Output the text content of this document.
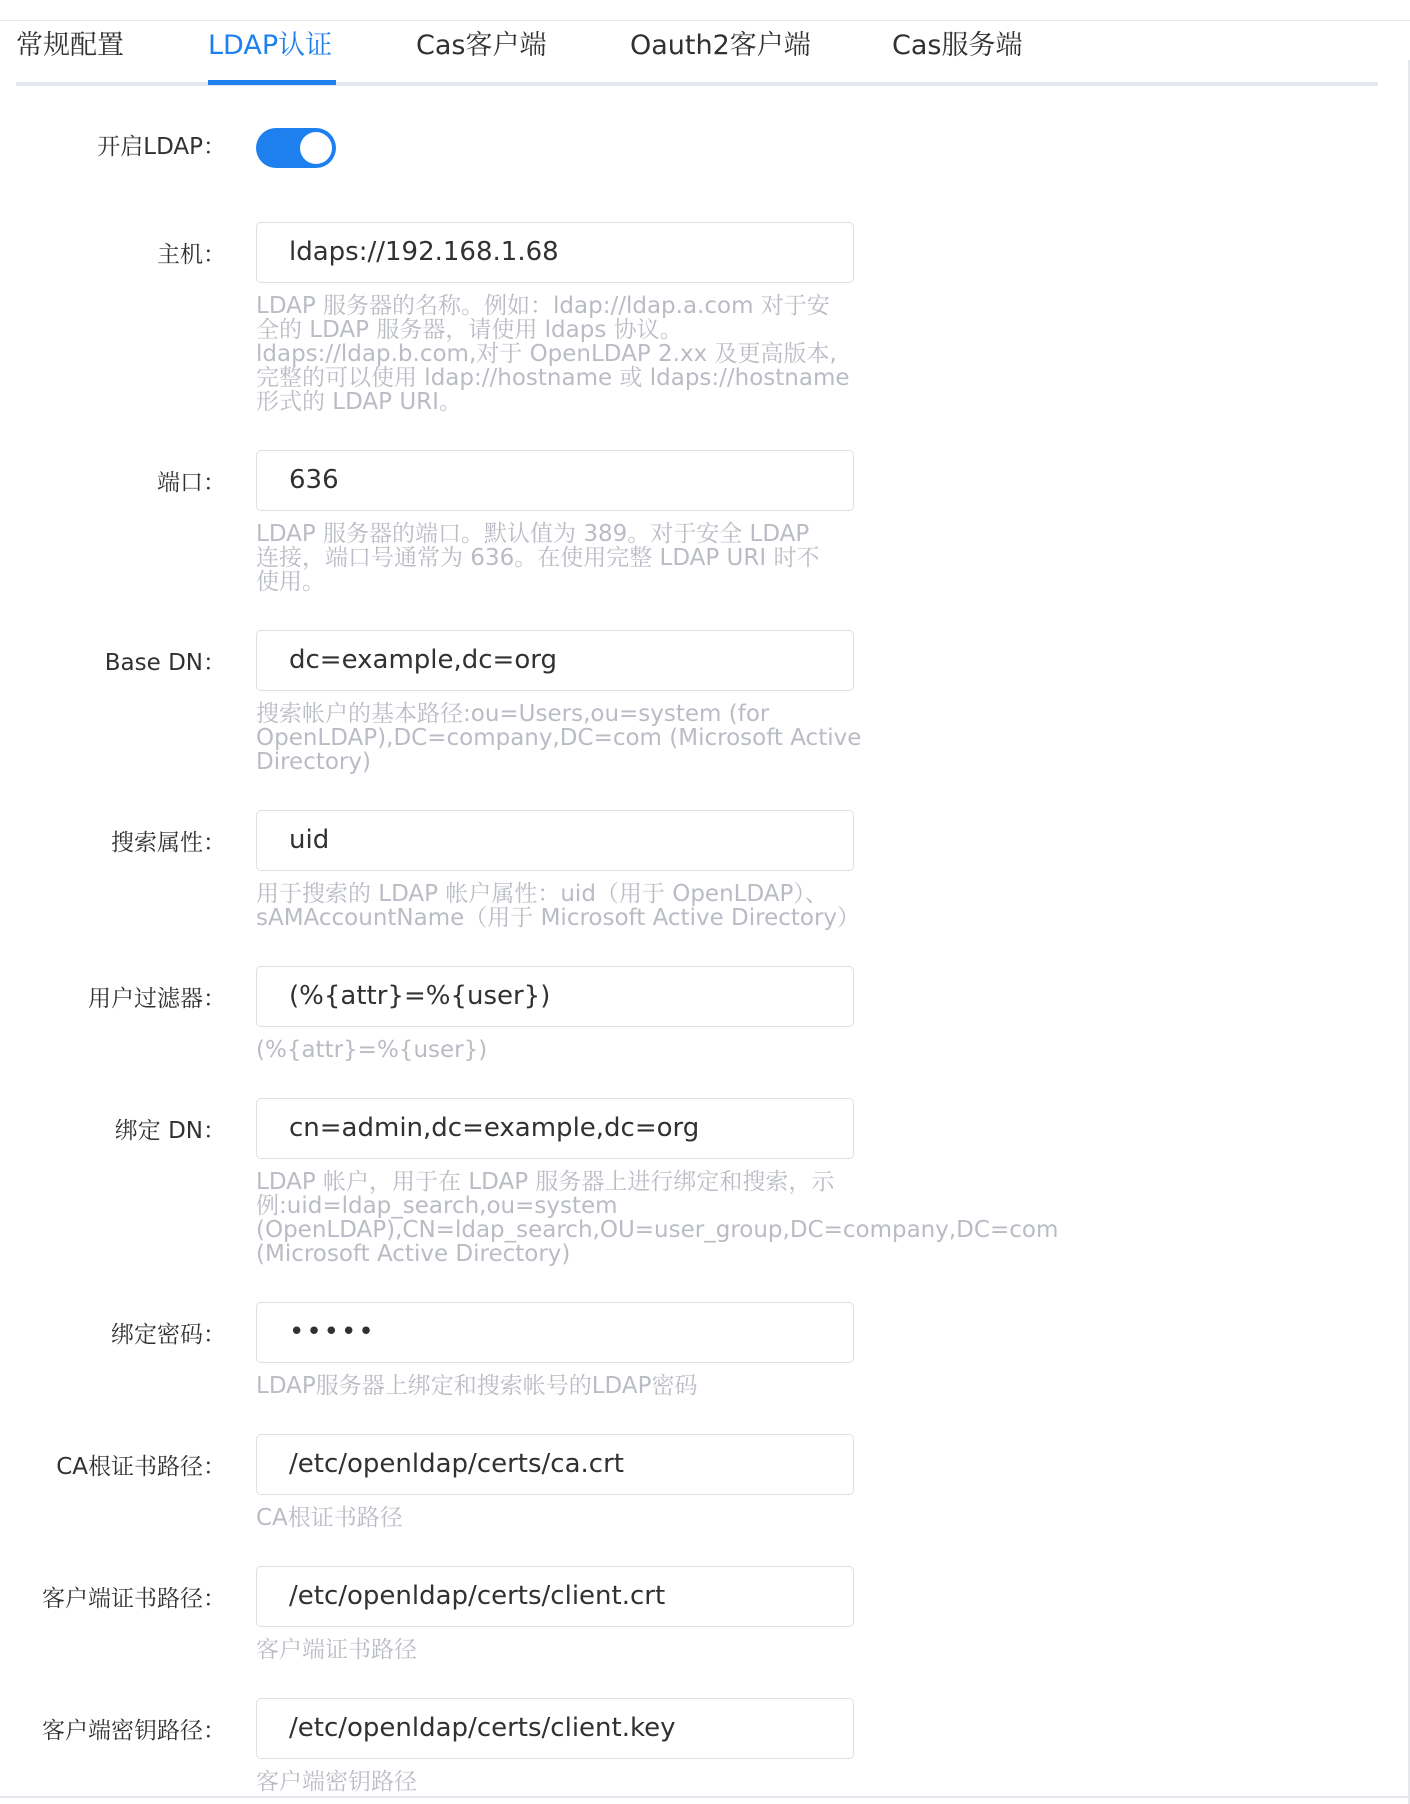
常规配置	LDAP认证	Cas客户端	Oauth2客户端	Cas服务端
开启LDAP：
主机：	ldaps://192.168.1.68
LDAP 服务器的名称。例如：ldap://ldap.a.com 对于安
全的 LDAP 服务器，请使用 ldaps 协议。
ldaps://ldap.b.com,对于 OpenLDAP 2.xx 及更高版本,
完整的可以使用 ldap://hostname 或 ldaps://hostname
形式的 LDAP URI。
端口：	636
LDAP 服务器的端口。默认值为 389。对于安全 LDAP
连接，端口号通常为 636。在使用完整 LDAP URI 时不
使用。
Base DN：	dc=example,dc=org
搜索帐户的基本路径:ou=Users,ou=system (for
OpenLDAP),DC=company,DC=com (Microsoft Active
Directory)
搜索属性：	uid
用于搜索的 LDAP 帐户属性：uid（用于 OpenLDAP）、
sAMAccountName（用于 Microsoft Active Directory）
用户过滤器：	(%{attr}=%{user})
(%{attr}=%{user})
绑定 DN：	cn=admin,dc=example,dc=org
LDAP 帐户，用于在 LDAP 服务器上进行绑定和搜索，示
例:uid=ldap_search,ou=system
(OpenLDAP),CN=ldap_search,OU=user_group,DC=company,DC=com
(Microsoft Active Directory)
绑定密码：	•••••
LDAP服务器上绑定和搜索帐号的LDAP密码
CA根证书路径：	/etc/openldap/certs/ca.crt
CA根证书路径
客户端证书路径：	/etc/openldap/certs/client.crt
客户端证书路径
客户端密钥路径：	/etc/openldap/certs/client.key
客户端密钥路径
